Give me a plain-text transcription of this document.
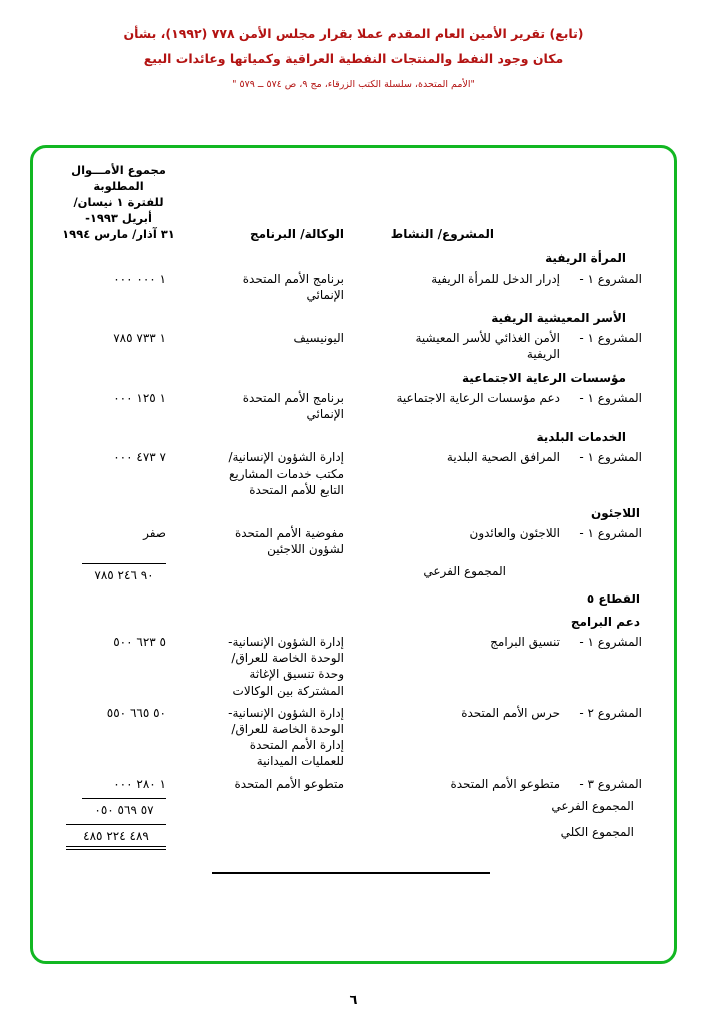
(تابع) تقرير الأمين العام المقدم عملا بقرار مجلس الأمن ٧٧٨ (١٩٩٢)، بشأن
مكان وجود النفط والمنتجات النفطية العراقية وكمياتها وعائدات البيع
"الأمم المتحدة، سلسلة الكتب الزرقاء، مج ٩، ص ٥٧٤ ــ ٥٧٩ "
المشروع/ النشاط
الوكالة/ البرنامج
مجموع الأمـــوال المطلوبة
للفترة ١ نيسان/ أبريل ١٩٩٣-
٣١ آذار/ مارس ١٩٩٤
المرأة الريفية
المشروع ١ -
إدرار الدخل للمرأة الريفية
برنامج الأمم المتحدة الإنمائي
١ ٠٠٠ ٠٠٠
الأسر المعيشية الريفية
المشروع ١ -
الأمن الغذائي للأسر المعيشية الريفية
اليونيسيف
١ ٧٣٣ ٧٨٥
مؤسسات الرعاية الاجتماعية
المشروع ١ -
دعم مؤسسات الرعاية الاجتماعية
برنامج الأمم المتحدة الإنمائي
١ ١٢٥ ٠٠٠
الخدمات البلدية
المشروع ١ -
المرافق الصحية البلدية
إدارة الشؤون الإنسانية/ مكتب خدمات المشاريع التابع للأمم المتحدة
٧ ٤٧٣ ٠٠٠
اللاجئون
المشروع ١ -
اللاجئون والعائدون
مفوضية الأمم المتحدة لشؤون اللاجئين
صفر
المجموع الفرعي
٩٠ ٢٤٦ ٧٨٥
القطاع ٥
دعم البرامج
المشروع ١ -
تنسيق البرامج
إدارة الشؤون الإنسانية- الوحدة الخاصة للعراق/ وحدة تنسيق الإغاثة المشتركة بين الوكالات
٥ ٦٢٣ ٥٠٠
المشروع ٢ -
حرس الأمم المتحدة
إدارة الشؤون الإنسانية- الوحدة الخاصة للعراق/ إدارة الأمم المتحدة للعمليات الميدانية
٥٠ ٦٦٥ ٥٥٠
المشروع ٣ -
متطوعو الأمم المتحدة
متطوعو الأمم المتحدة
١ ٢٨٠ ٠٠٠
المجموع الفرعي
٥٧ ٥٦٩ ٠٥٠
المجموع الكلي
٤٨٩ ٢٢٤ ٤٨٥
٦
